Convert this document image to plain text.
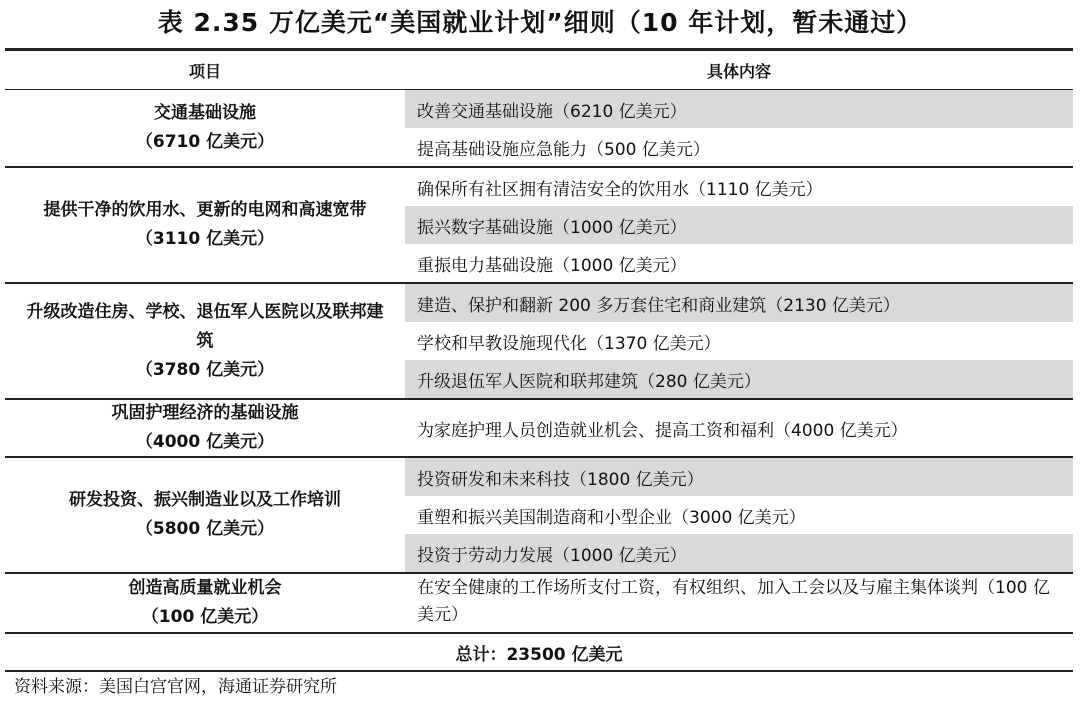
表 2.35 万亿美元“美国就业计划”细则（10 年计划，暂未通过）
项目	具体内容
交通基础设施
（6710 亿美元）
改善交通基础设施（6210 亿美元）
提高基础设施应急能力（500 亿美元）
提供干净的饮用水、更新的电网和高速宽带
（3110 亿美元）
确保所有社区拥有清洁安全的饮用水（1110 亿美元）
振兴数字基础设施（1000 亿美元）
重振电力基础设施（1000 亿美元）
升级改造住房、学校、退伍军人医院以及联邦建筑
（3780 亿美元）
建造、保护和翻新 200 多万套住宅和商业建筑（2130 亿美元）
学校和早教设施现代化（1370 亿美元）
升级退伍军人医院和联邦建筑（280 亿美元）
巩固护理经济的基础设施
（4000 亿美元）
为家庭护理人员创造就业机会、提高工资和福利（4000 亿美元）
研发投资、振兴制造业以及工作培训
（5800 亿美元）
投资研发和未来科技（1800 亿美元）
重塑和振兴美国制造商和小型企业（3000 亿美元）
投资于劳动力发展（1000 亿美元）
创造高质量就业机会
（100 亿美元）
在安全健康的工作场所支付工资，有权组织、加入工会以及与雇主集体谈判（100 亿美元）
总计：23500 亿美元
资料来源：美国白宫官网，海通证券研究所
